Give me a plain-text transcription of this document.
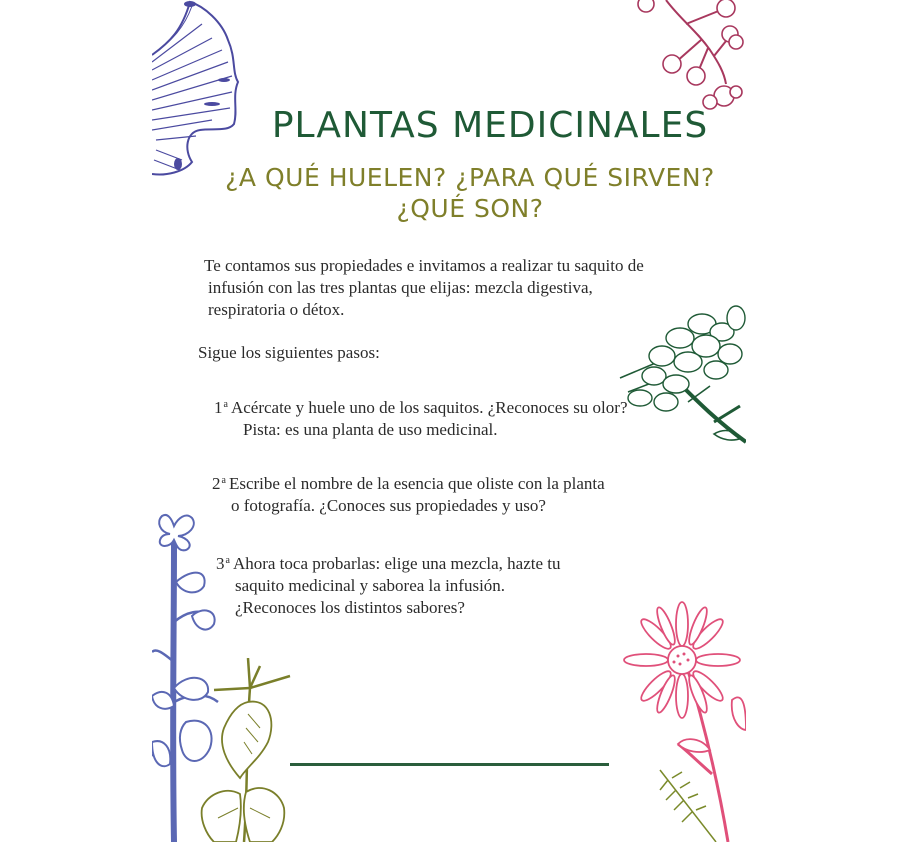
PLANTAS MEDICINALES
¿A QUÉ HUELEN? ¿PARA QUÉ SIRVEN?
¿QUÉ SON?

Te contamos sus propiedades e invitamos a realizar tu saquito de
infusión con las tres plantas que elijas: mezcla digestiva,
respiratoria o détox.

Sigue los siguientes pasos:

1$^a$ Acércate y huele uno de los saquitos. ¿Reconoces su olor?
Pista: es una planta de uso medicinal.
2$^a$ Escribe el nombre de la esencia que oliste con la planta
o fotografía. ¿Conoces sus propiedades y uso?
3$^a$ Ahora toca probarlas: elige una mezcla, hazte tu
saquito medicinal y saborea la infusión.
¿Reconoces los distintos sabores?
